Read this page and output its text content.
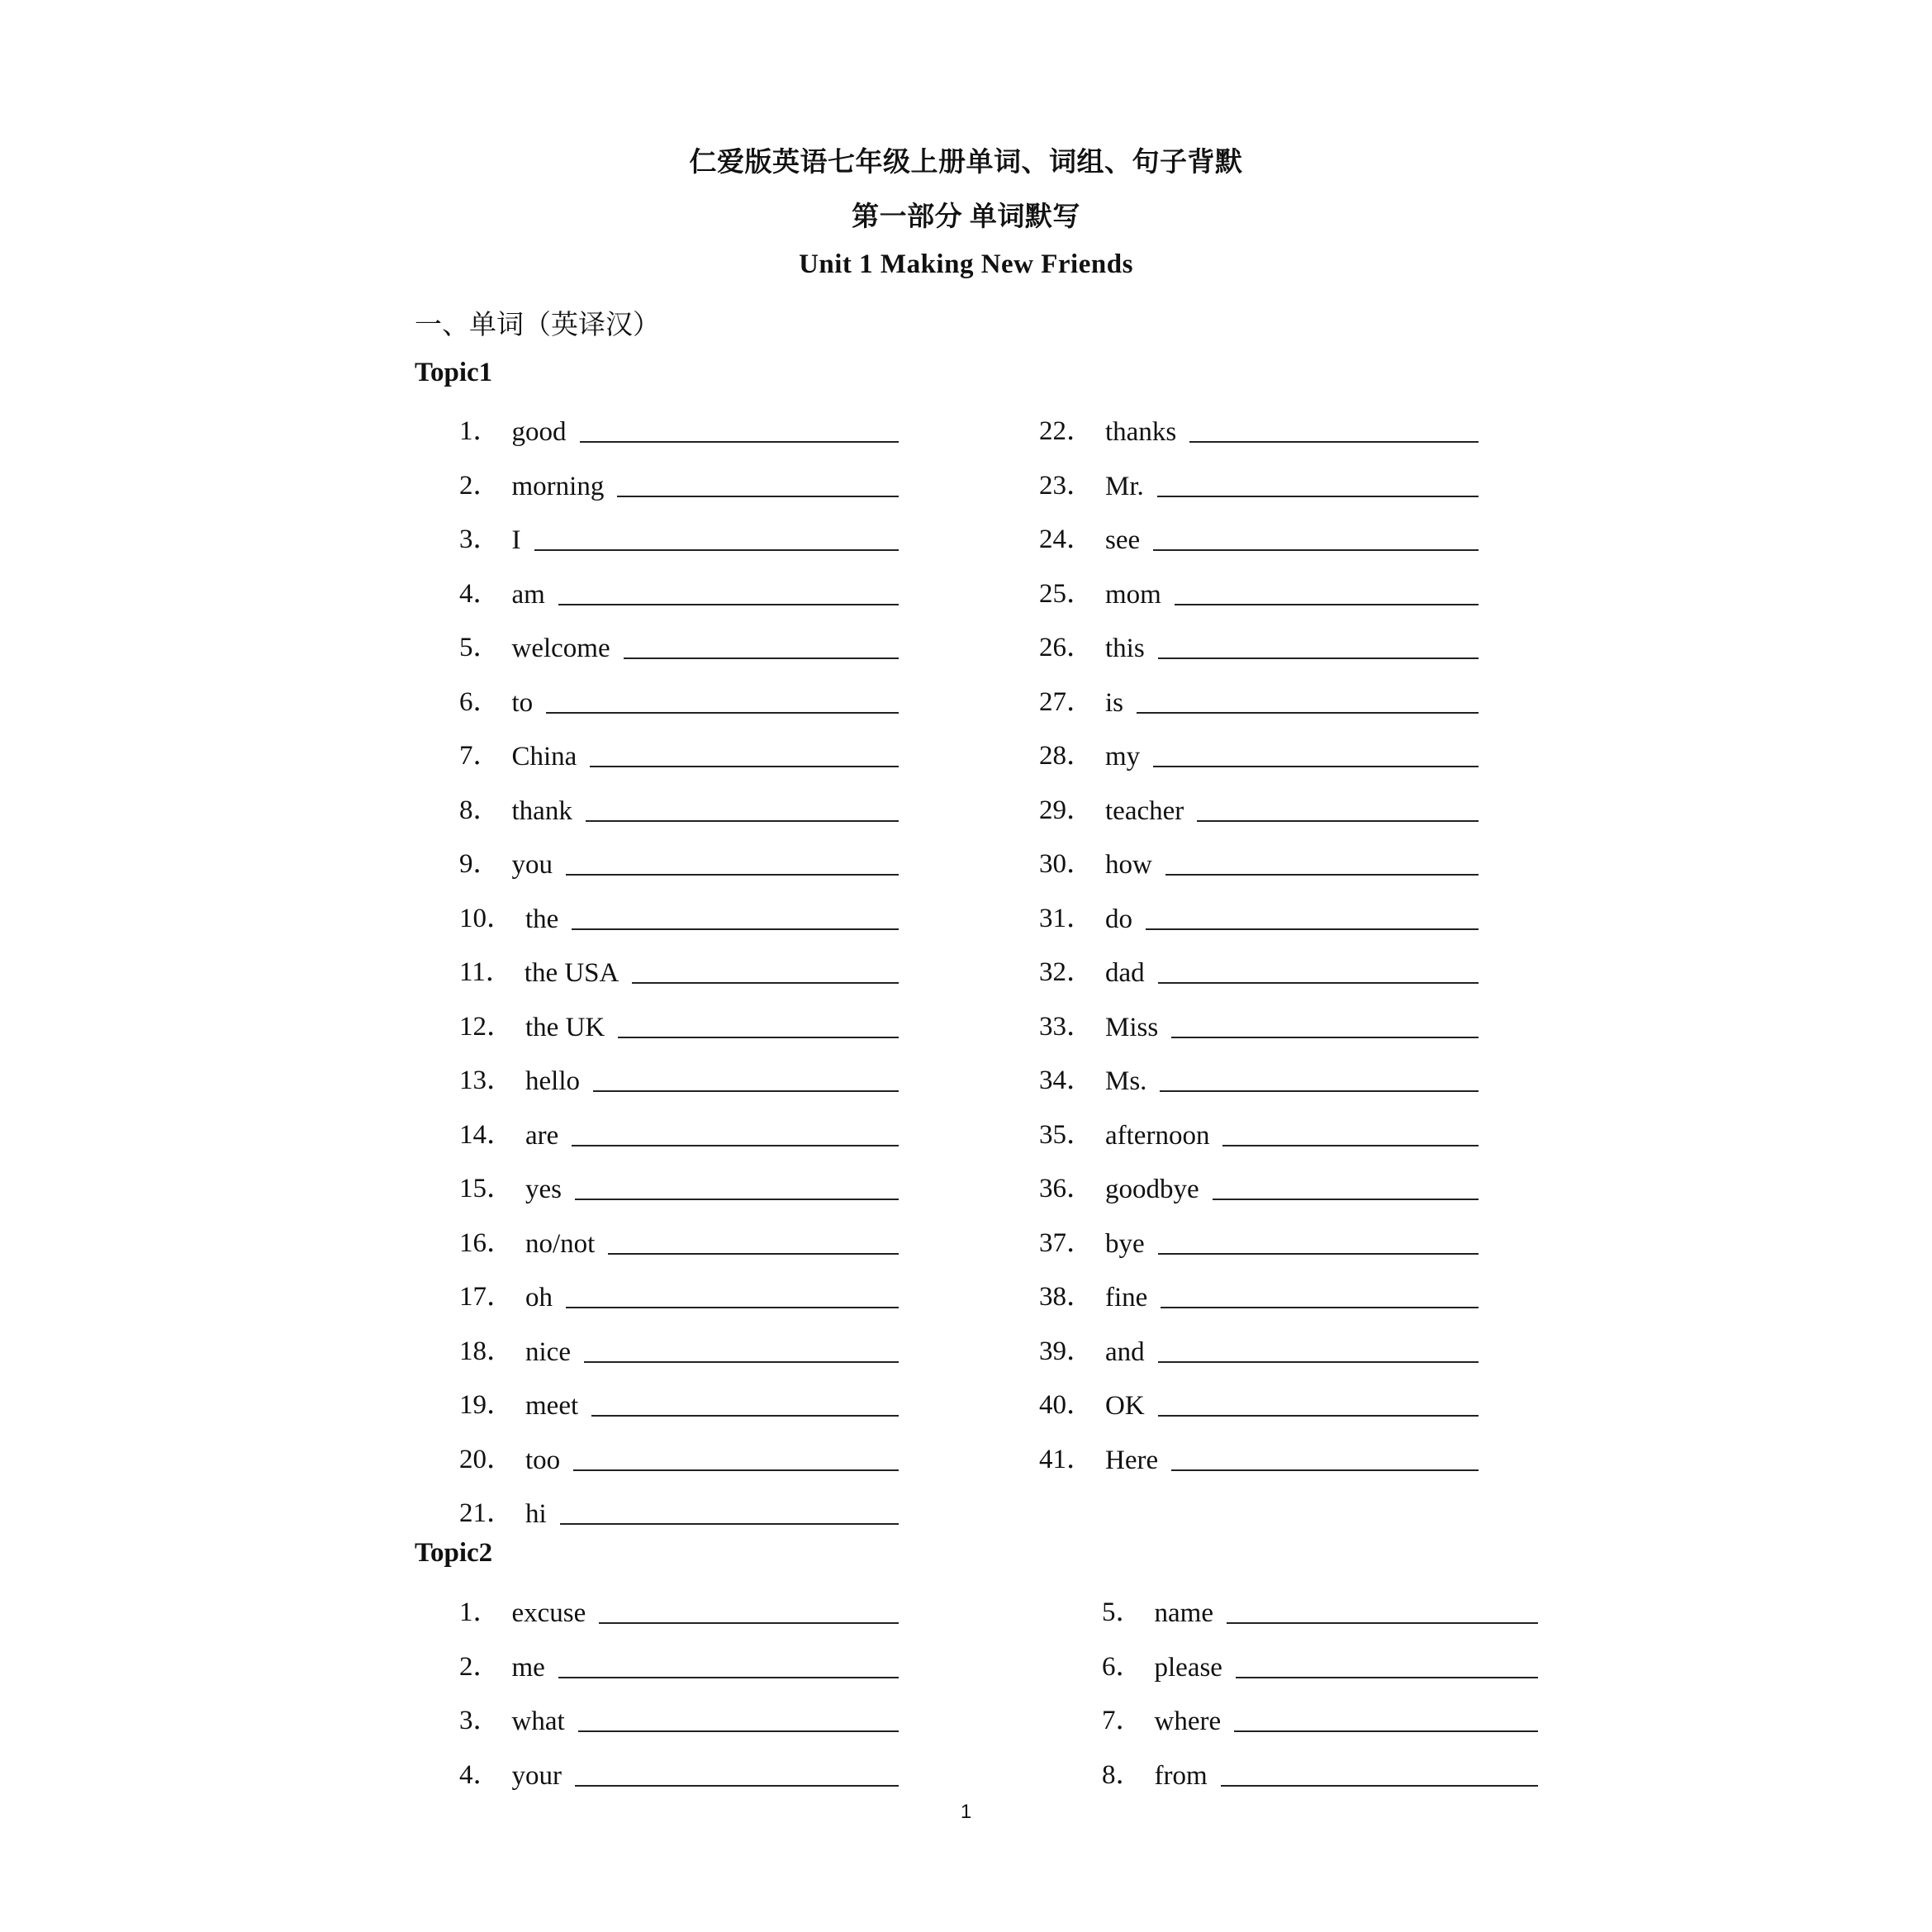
仁爱版英语七年级上册单词、词组、句子背默
第一部分 单词默写
Unit 1 Making New Friends
一、单词（英译汉）
Topic1
1． good
2． morning
3． I
4． am
5． welcome
6． to
7． China
8． thank
9． you
10． the
11． the USA
12． the UK
13． hello
14． are
15． yes
16． no/not
17． oh
18． nice
19． meet
20． too
21． hi
22． thanks
23． Mr.
24． see
25． mom
26． this
27． is
28． my
29． teacher
30． how
31． do
32． dad
33． Miss
34． Ms.
35． afternoon
36． goodbye
37． bye
38． fine
39． and
40． OK
41． Here
Topic2
1． excuse
2． me
3． what
4． your
5． name
6． please
7． where
8． from
1
